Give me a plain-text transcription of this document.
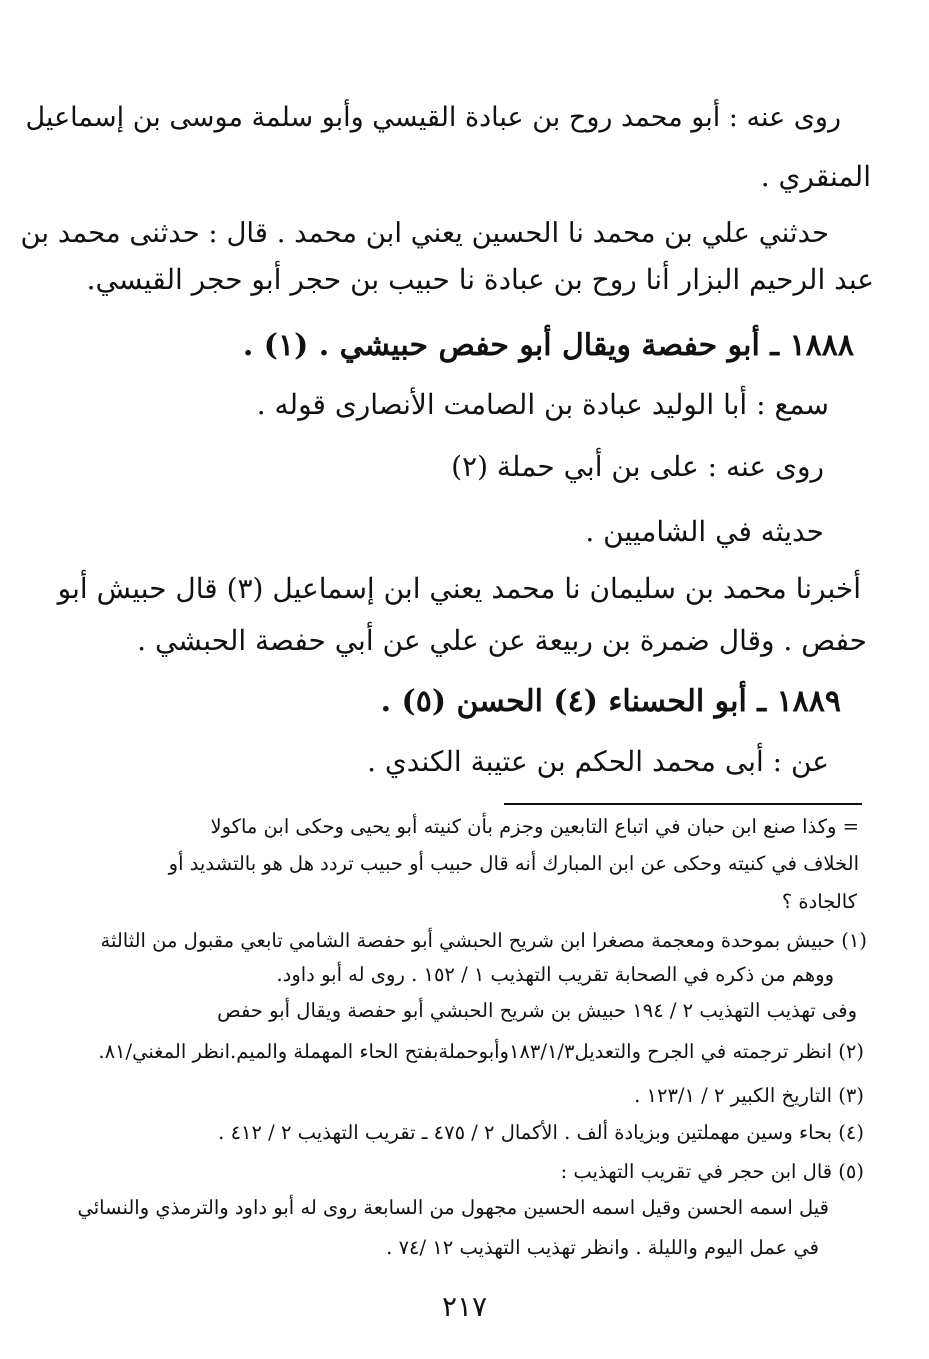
روى عنه : أبو محمد روح بن عبادة القيسي وأبو سلمة موسى بن إسماعيل
المنقري .
حدثني علي بن محمد نا الحسين يعني ابن محمد . قال : حدثنى محمد بن
عبد الرحيم البزار أنا روح بن عبادة نا حبيب بن حجر أبو حجر القيسي.
١٨٨٨ ـ أبو حفصة ويقال أبو حفص حبيشي . (١) .
سمع : أبا الوليد عبادة بن الصامت الأنصارى قوله .
روى عنه : على بن أبي حملة (٢)
حديثه في الشاميين .
أخبرنا محمد بن سليمان نا محمد يعني ابن إسماعيل (٣) قال حبيش أبو
حفص . وقال ضمرة بن ربيعة عن علي عن أبي حفصة الحبشي .
١٨٨٩ ـ أبو الحسناء (٤) الحسن (٥) .
عن : أبى محمد الحكم بن عتيبة الكندي .
= وكذا صنع ابن حبان في اتباع التابعين وجزم بأن كنيته أبو يحيى وحكى ابن ماكولا
الخلاف في كنيته وحكى عن ابن المبارك أنه قال حبيب أو حبيب تردد هل هو بالتشديد أو
كالجادة ؟
(١) حبيش بموحدة ومعجمة مصغرا ابن شريح الحبشي أبو حفصة الشامي تابعي مقبول من الثالثة
ووهم من ذكره في الصحابة تقريب التهذيب ١ / ١٥٢ . روى له أبو داود.
وفى تهذيب التهذيب ٢ / ١٩٤ حبيش بن شريح الحبشي أبو حفصة ويقال أبو حفص
(٢) انظر ترجمته في الجرح والتعديل١٨٣/١/٣وأبوحملةبفتح الحاء المهملة والميم.انظر المغني/٨١.
(٣) التاريخ الكبير ٢ / ١٢٣/١ .
(٤) بحاء وسين مهملتين وبزيادة ألف . الأكمال ٢ / ٤٧٥ ـ تقريب التهذيب ٢ / ٤١٢ .
(٥) قال ابن حجر في تقريب التهذيب :
قيل اسمه الحسن وقيل اسمه الحسين مجهول من السابعة روى له أبو داود والترمذي والنسائي
في عمل اليوم والليلة . وانظر تهذيب التهذيب ١٢ /٧٤ .
٢١٧
